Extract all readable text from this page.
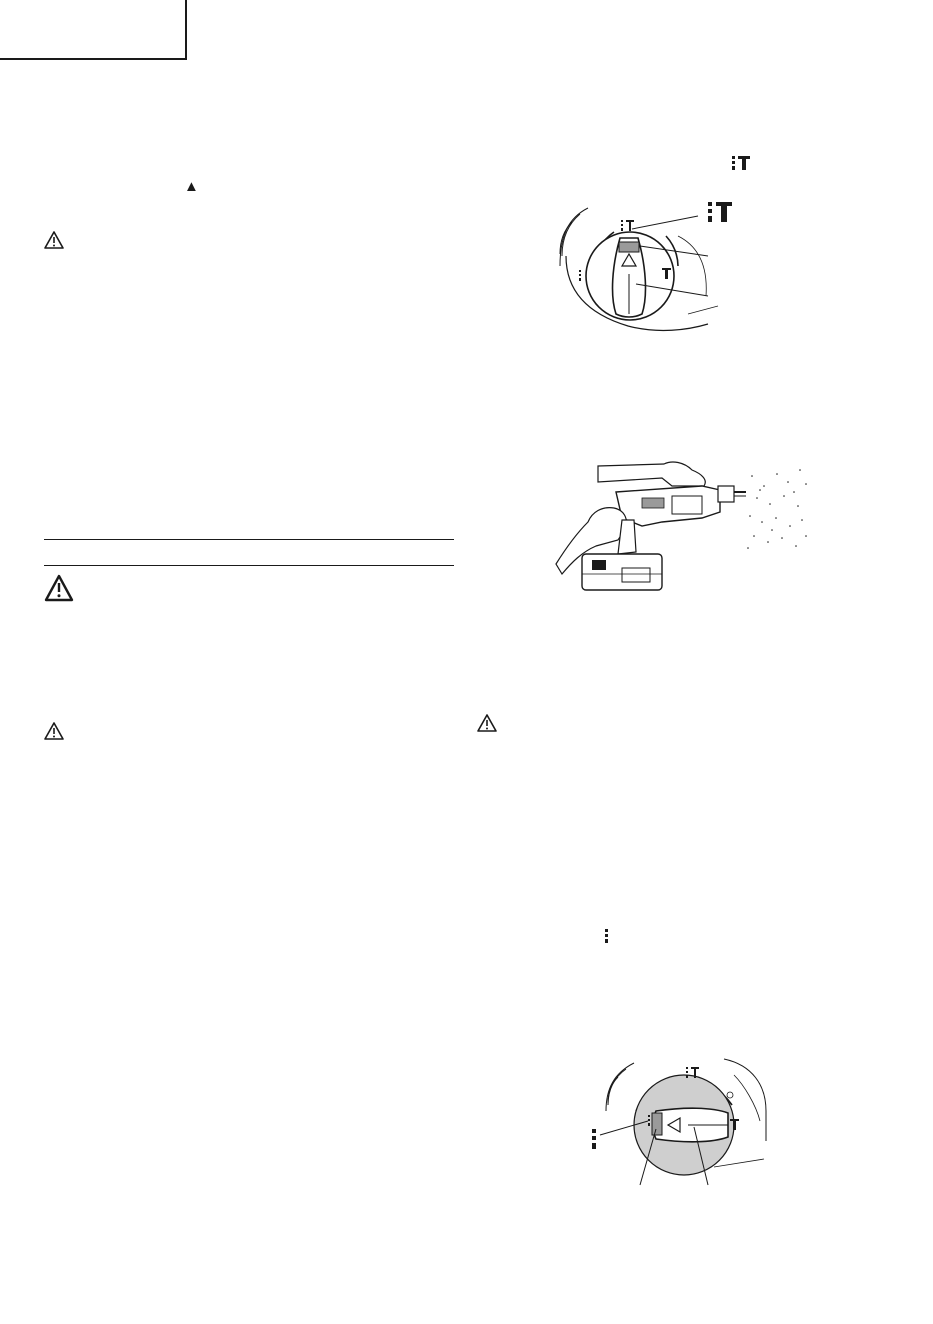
▲
